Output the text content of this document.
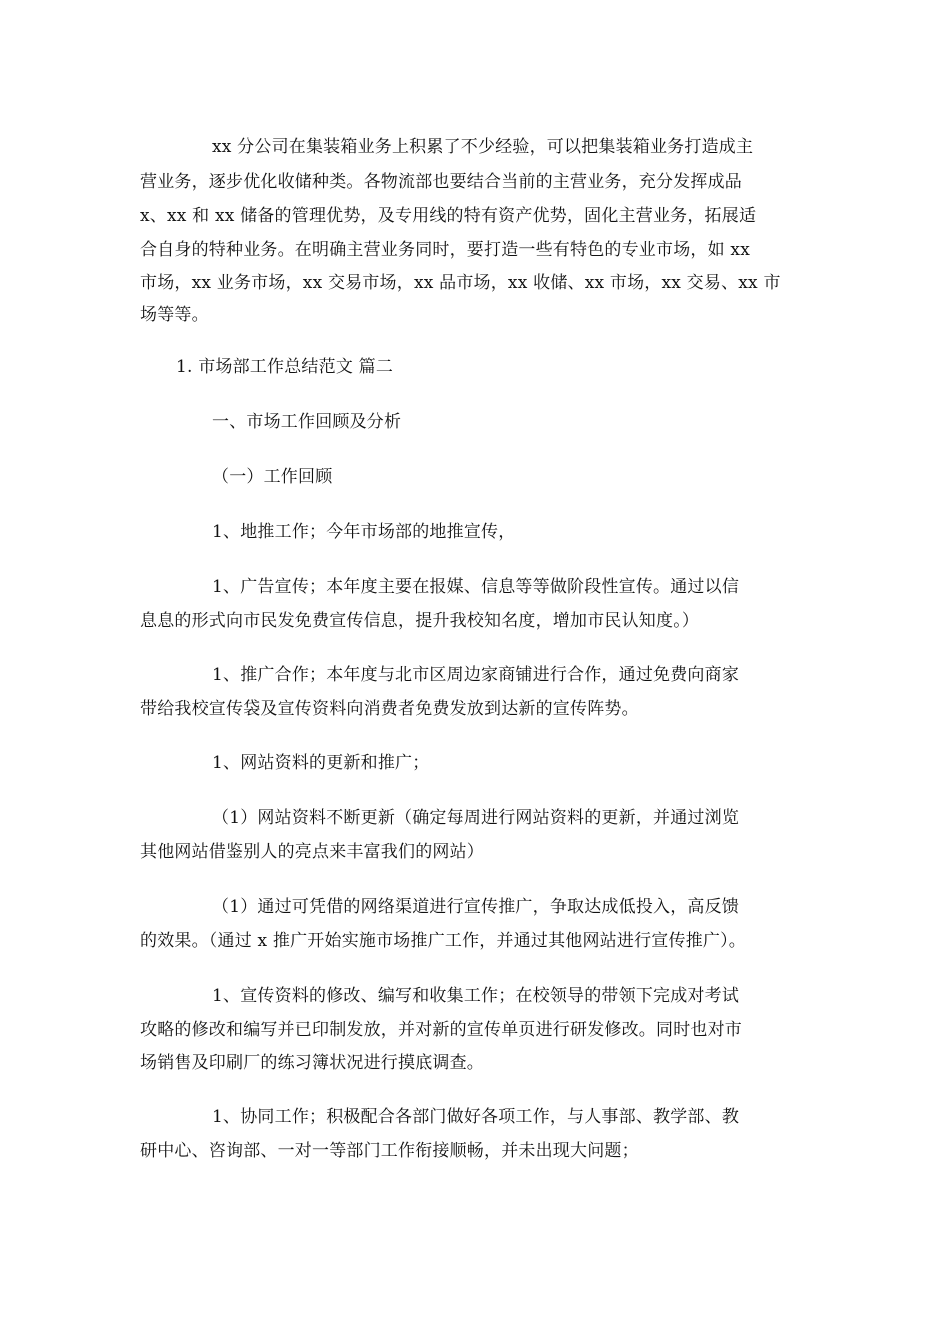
xx 分公司在集装箱业务上积累了不少经验，可以把集装箱业务打造成主
营业务，逐步优化收储种类。各物流部也要结合当前的主营业务，充分发挥成品
x、xx 和 xx 储备的管理优势，及专用线的特有资产优势，固化主营业务，拓展适
合自身的特种业务。在明确主营业务同时，要打造一些有特色的专业市场，如 xx
市场，xx 业务市场，xx 交易市场，xx 品市场，xx 收储、xx 市场，xx 交易、xx 市
场等等。
1. 市场部工作总结范文 篇二
一、市场工作回顾及分析
（一）工作回顾
1、地推工作；今年市场部的地推宣传，
1、广告宣传；本年度主要在报媒、信息等等做阶段性宣传。通过以信
息息的形式向市民发免费宣传信息，提升我校知名度，增加市民认知度。）
1、推广合作；本年度与北市区周边家商铺进行合作，通过免费向商家
带给我校宣传袋及宣传资料向消费者免费发放到达新的宣传阵势。
1、网站资料的更新和推广；
（1）网站资料不断更新（确定每周进行网站资料的更新，并通过浏览
其他网站借鉴别人的亮点来丰富我们的网站）
（1）通过可凭借的网络渠道进行宣传推广，争取达成低投入，高反馈
的效果。（通过 x 推广开始实施市场推广工作，并通过其他网站进行宣传推广）。
1、宣传资料的修改、编写和收集工作；在校领导的带领下完成对考试
攻略的修改和编写并已印制发放，并对新的宣传单页进行研发修改。同时也对市
场销售及印刷厂的练习簿状况进行摸底调查。
1、协同工作；积极配合各部门做好各项工作，与人事部、教学部、教
研中心、咨询部、一对一等部门工作衔接顺畅，并未出现大问题；
